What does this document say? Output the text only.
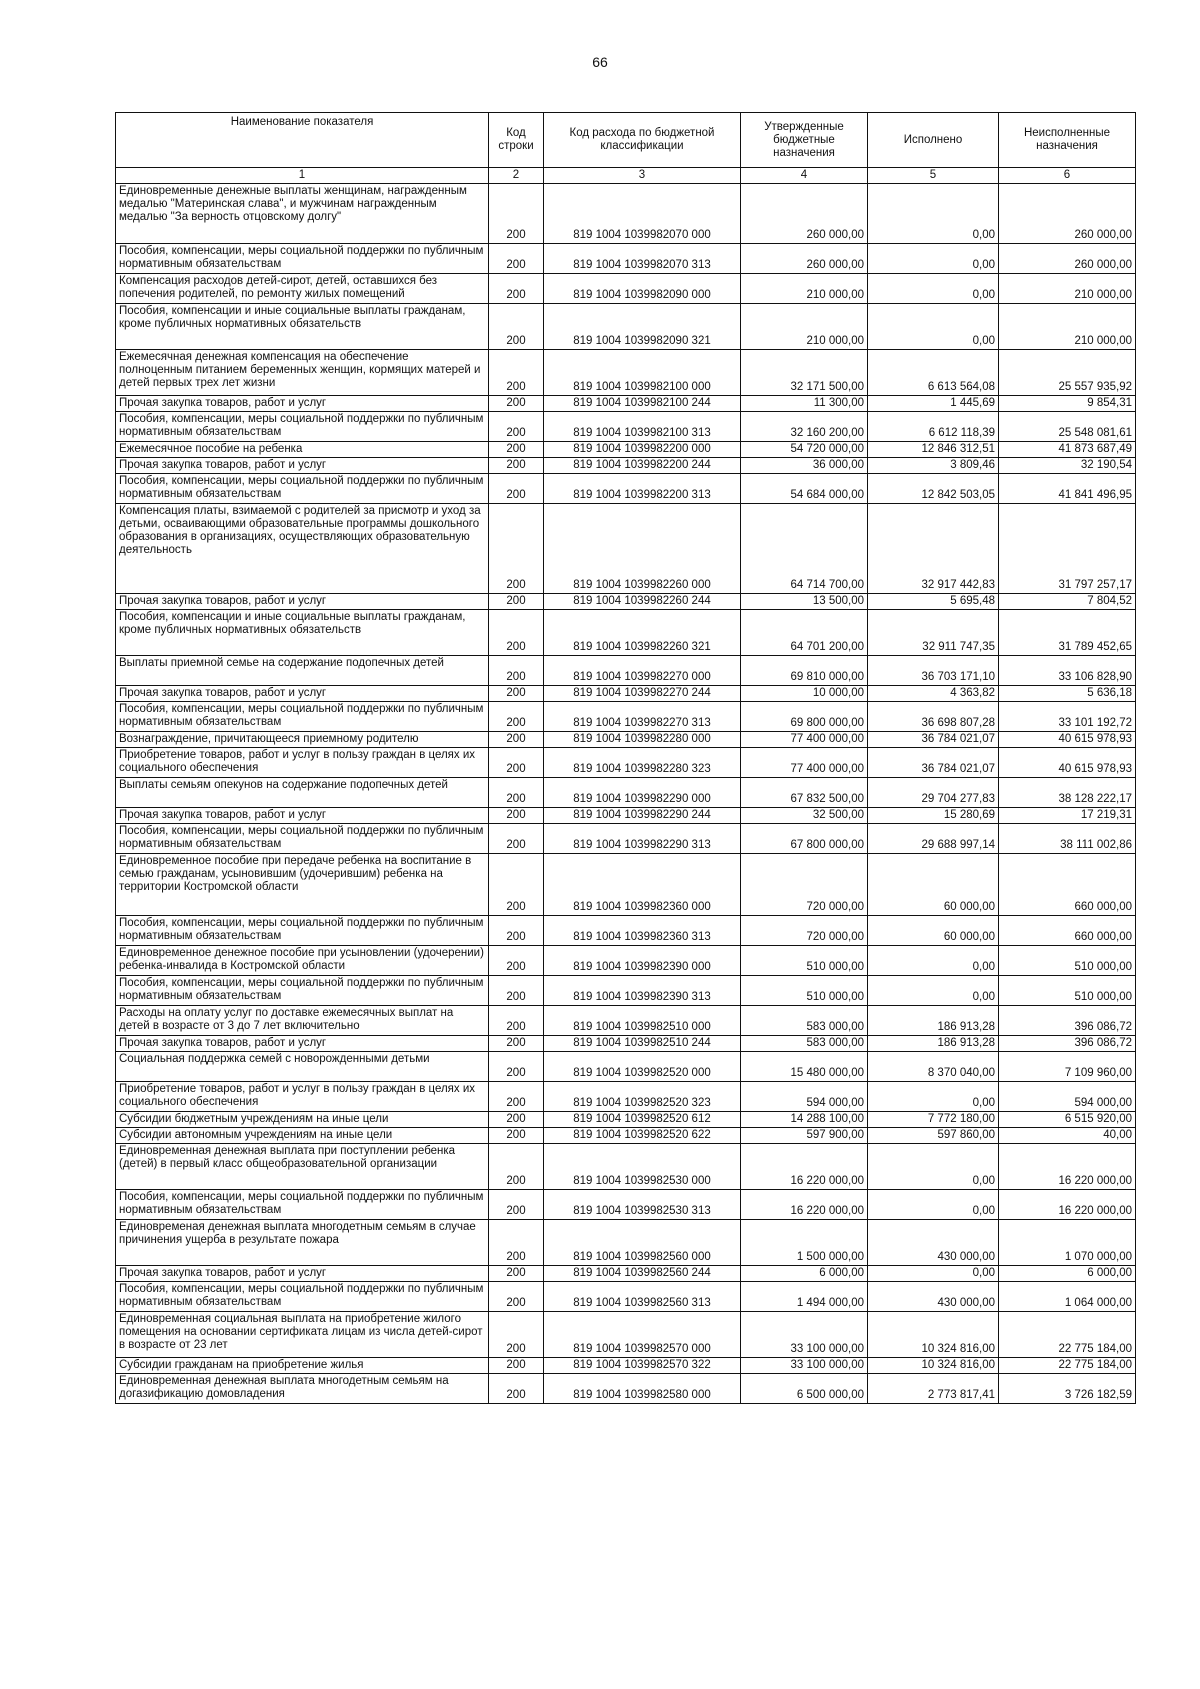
66
Наименование показателя	Код строки	Код расхода по бюджетной классификации	Утвержденные бюджетные назначения	Исполнено	Неисполненные назначения
1	2	3	4	5	6
Единовременные денежные выплаты женщинам, награжденным медалью "Материнская слава", и мужчинам награжденным медалью "За верность отцовскому долгу"	200	819 1004 1039982070 000	260 000,00	0,00	260 000,00
Пособия, компенсации, меры социальной поддержки по публичным нормативным обязательствам	200	819 1004 1039982070 313	260 000,00	0,00	260 000,00
Компенсация расходов детей-сирот, детей, оставшихся без попечения родителей, по ремонту жилых помещений	200	819 1004 1039982090 000	210 000,00	0,00	210 000,00
Пособия, компенсации и иные социальные выплаты гражданам, кроме публичных нормативных обязательств	200	819 1004 1039982090 321	210 000,00	0,00	210 000,00
Ежемесячная денежная компенсация на обеспечение полноценным питанием беременных женщин, кормящих матерей и детей первых трех лет жизни	200	819 1004 1039982100 000	32 171 500,00	6 613 564,08	25 557 935,92
Прочая закупка товаров, работ и услуг	200	819 1004 1039982100 244	11 300,00	1 445,69	9 854,31
Пособия, компенсации, меры социальной поддержки по публичным нормативным обязательствам	200	819 1004 1039982100 313	32 160 200,00	6 612 118,39	25 548 081,61
Ежемесячное пособие на ребенка	200	819 1004 1039982200 000	54 720 000,00	12 846 312,51	41 873 687,49
Прочая закупка товаров, работ и услуг	200	819 1004 1039982200 244	36 000,00	3 809,46	32 190,54
Пособия, компенсации, меры социальной поддержки по публичным нормативным обязательствам	200	819 1004 1039982200 313	54 684 000,00	12 842 503,05	41 841 496,95
Компенсация платы, взимаемой с родителей за присмотр и уход за детьми, осваивающими образовательные программы дошкольного образования в организациях, осуществляющих образовательную деятельность	200	819 1004 1039982260 000	64 714 700,00	32 917 442,83	31 797 257,17
Прочая закупка товаров, работ и услуг	200	819 1004 1039982260 244	13 500,00	5 695,48	7 804,52
Пособия, компенсации и иные социальные выплаты гражданам, кроме публичных нормативных обязательств	200	819 1004 1039982260 321	64 701 200,00	32 911 747,35	31 789 452,65
Выплаты приемной семье на содержание подопечных детей	200	819 1004 1039982270 000	69 810 000,00	36 703 171,10	33 106 828,90
Прочая закупка товаров, работ и услуг	200	819 1004 1039982270 244	10 000,00	4 363,82	5 636,18
Пособия, компенсации, меры социальной поддержки по публичным нормативным обязательствам	200	819 1004 1039982270 313	69 800 000,00	36 698 807,28	33 101 192,72
Вознаграждение, причитающееся приемному родителю	200	819 1004 1039982280 000	77 400 000,00	36 784 021,07	40 615 978,93
Приобретение товаров, работ и услуг в пользу граждан в целях их социального обеспечения	200	819 1004 1039982280 323	77 400 000,00	36 784 021,07	40 615 978,93
Выплаты семьям опекунов на содержание подопечных детей	200	819 1004 1039982290 000	67 832 500,00	29 704 277,83	38 128 222,17
Прочая закупка товаров, работ и услуг	200	819 1004 1039982290 244	32 500,00	15 280,69	17 219,31
Пособия, компенсации, меры социальной поддержки по публичным нормативным обязательствам	200	819 1004 1039982290 313	67 800 000,00	29 688 997,14	38 111 002,86
Единовременное пособие при передаче ребенка на воспитание в семью гражданам, усыновившим (удочерившим) ребенка на территории Костромской области	200	819 1004 1039982360 000	720 000,00	60 000,00	660 000,00
Пособия, компенсации, меры социальной поддержки по публичным нормативным обязательствам	200	819 1004 1039982360 313	720 000,00	60 000,00	660 000,00
Единовременное денежное пособие при усыновлении (удочерении) ребенка-инвалида в Костромской области	200	819 1004 1039982390 000	510 000,00	0,00	510 000,00
Пособия, компенсации, меры социальной поддержки по публичным нормативным обязательствам	200	819 1004 1039982390 313	510 000,00	0,00	510 000,00
Расходы на оплату услуг по доставке ежемесячных выплат на детей в возрасте от 3 до 7 лет включительно	200	819 1004 1039982510 000	583 000,00	186 913,28	396 086,72
Прочая закупка товаров, работ и услуг	200	819 1004 1039982510 244	583 000,00	186 913,28	396 086,72
Социальная поддержка семей с новорожденными детьми	200	819 1004 1039982520 000	15 480 000,00	8 370 040,00	7 109 960,00
Приобретение товаров, работ и услуг в пользу граждан в целях их социального обеспечения	200	819 1004 1039982520 323	594 000,00	0,00	594 000,00
Субсидии бюджетным учреждениям на иные цели	200	819 1004 1039982520 612	14 288 100,00	7 772 180,00	6 515 920,00
Субсидии автономным учреждениям на иные цели	200	819 1004 1039982520 622	597 900,00	597 860,00	40,00
Единовременная денежная выплата при поступлении ребенка (детей) в первый класс общеобразовательной организации	200	819 1004 1039982530 000	16 220 000,00	0,00	16 220 000,00
Пособия, компенсации, меры социальной поддержки по публичным нормативным обязательствам	200	819 1004 1039982530 313	16 220 000,00	0,00	16 220 000,00
Единовременая денежная выплата многодетным семьям в случае причинения ущерба в результате пожара	200	819 1004 1039982560 000	1 500 000,00	430 000,00	1 070 000,00
Прочая закупка товаров, работ и услуг	200	819 1004 1039982560 244	6 000,00	0,00	6 000,00
Пособия, компенсации, меры социальной поддержки по публичным нормативным обязательствам	200	819 1004 1039982560 313	1 494 000,00	430 000,00	1 064 000,00
Единовременная социальная выплата на приобретение жилого помещения на основании сертификата лицам из числа детей-сирот в возрасте от 23 лет	200	819 1004 1039982570 000	33 100 000,00	10 324 816,00	22 775 184,00
Субсидии гражданам на приобретение жилья	200	819 1004 1039982570 322	33 100 000,00	10 324 816,00	22 775 184,00
Единовременная денежная выплата многодетным семьям на догазификацию домовладения	200	819 1004 1039982580 000	6 500 000,00	2 773 817,41	3 726 182,59
